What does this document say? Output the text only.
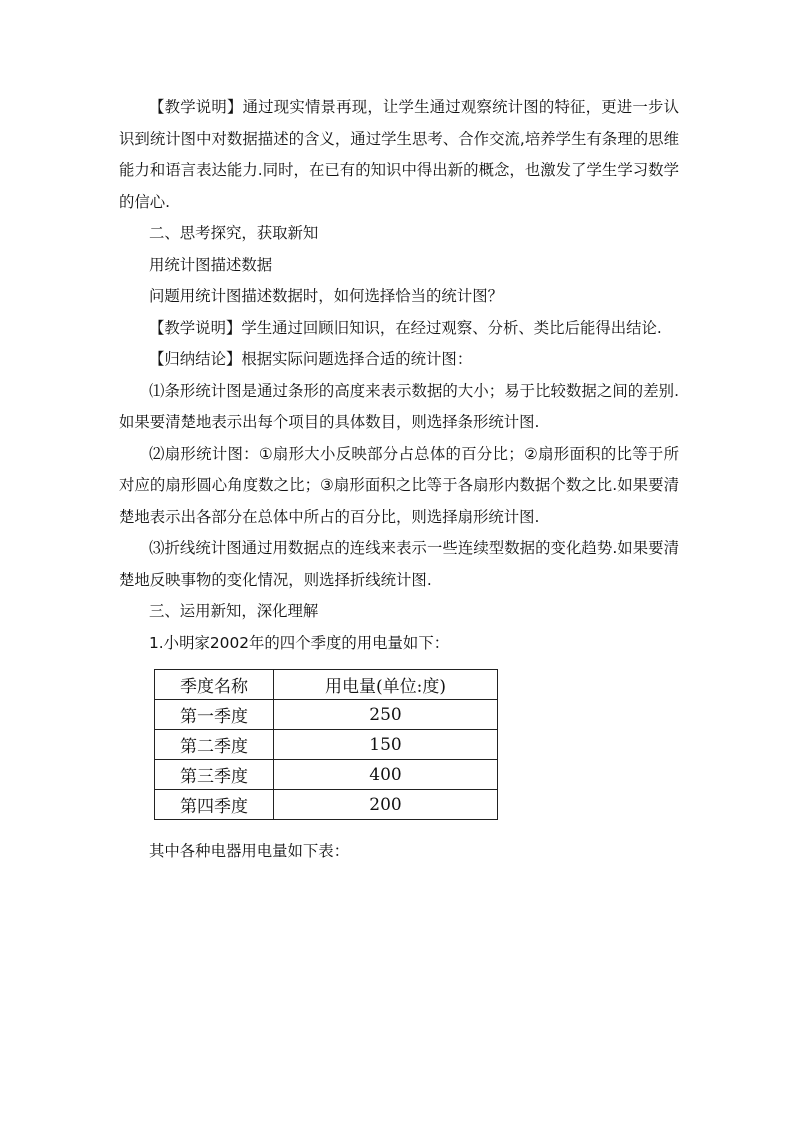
【教学说明】通过现实情景再现，让学生通过观察统计图的特征，更进一步认识到统计图中对数据描述的含义，通过学生思考、合作交流,培养学生有条理的思维能力和语言表达能力.同时，在已有的知识中得出新的概念，也激发了学生学习数学的信心.

二、思考探究，获取新知

用统计图描述数据

问题用统计图描述数据时，如何选择恰当的统计图？

【教学说明】学生通过回顾旧知识，在经过观察、分析、类比后能得出结论.

【归纳结论】根据实际问题选择合适的统计图：

⑴条形统计图是通过条形的高度来表示数据的大小；易于比较数据之间的差别.如果要清楚地表示出每个项目的具体数目，则选择条形统计图.

⑵扇形统计图：①扇形大小反映部分占总体的百分比；②扇形面积的比等于所对应的扇形圆心角度数之比；③扇形面积之比等于各扇形内数据个数之比.如果要清楚地表示出各部分在总体中所占的百分比，则选择扇形统计图.

⑶折线统计图通过用数据点的连线来表示一些连续型数据的变化趋势.如果要清楚地反映事物的变化情况，则选择折线统计图.

三、运用新知，深化理解

1.小明家2002年的四个季度的用电量如下：

季度名称	用电量(单位:度)
第一季度	250
第二季度	150
第三季度	400
第四季度	200

其中各种电器用电量如下表：
